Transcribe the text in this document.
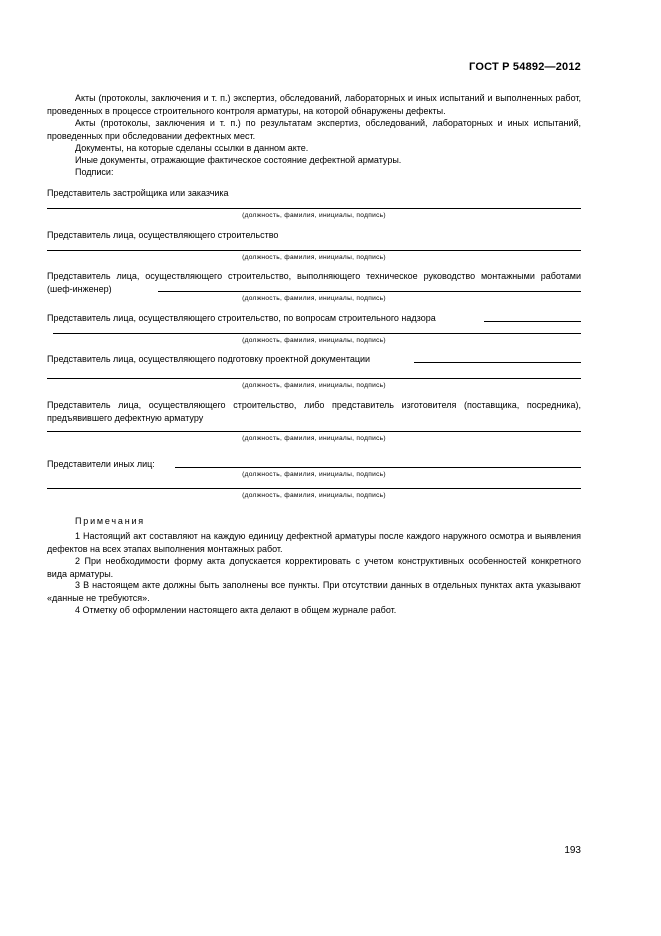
ГОСТ Р 54892—2012
Акты (протоколы, заключения и т. п.) экспертиз, обследований, лабораторных и иных испытаний и выполненных работ, проведенных в процессе строительного контроля арматуры, на которой обнаружены дефекты.
Акты (протоколы, заключения и т. п.) по результатам экспертиз, обследований, лабораторных и иных испытаний, проведенных при обследовании дефектных мест.
Документы, на которые сделаны ссылки в данном акте.
Иные документы, отражающие фактическое состояние дефектной арматуры.
Подписи:
Представитель застройщика или заказчика
(должность, фамилия, инициалы, подпись)
Представитель лица, осуществляющего строительство
(должность, фамилия, инициалы, подпись)
Представитель лица, осуществляющего строительство, выполняющего техническое руководство монтажными работами (шеф-инженер)
(должность, фамилия, инициалы, подпись)
Представитель лица, осуществляющего строительство, по вопросам строительного надзора
(должность, фамилия, инициалы, подпись)
Представитель лица, осуществляющего подготовку проектной документации
(должность, фамилия, инициалы, подпись)
Представитель лица, осуществляющего строительство, либо представитель изготовителя (поставщика, посредника), предъявившего дефектную арматуру
(должность, фамилия, инициалы, подпись)
Представители иных лиц:
(должность, фамилия, инициалы, подпись)
(должность, фамилия, инициалы, подпись)
Примечания
1 Настоящий акт составляют на каждую единицу дефектной арматуры после каждого наружного осмотра и выявления дефектов на всех этапах выполнения монтажных работ.
2 При необходимости форму акта допускается корректировать с учетом конструктивных особенностей конкретного вида арматуры.
3 В настоящем акте должны быть заполнены все пункты. При отсутствии данных в отдельных пунктах акта указывают «данные не требуются».
4 Отметку об оформлении настоящего акта делают в общем журнале работ.
193
